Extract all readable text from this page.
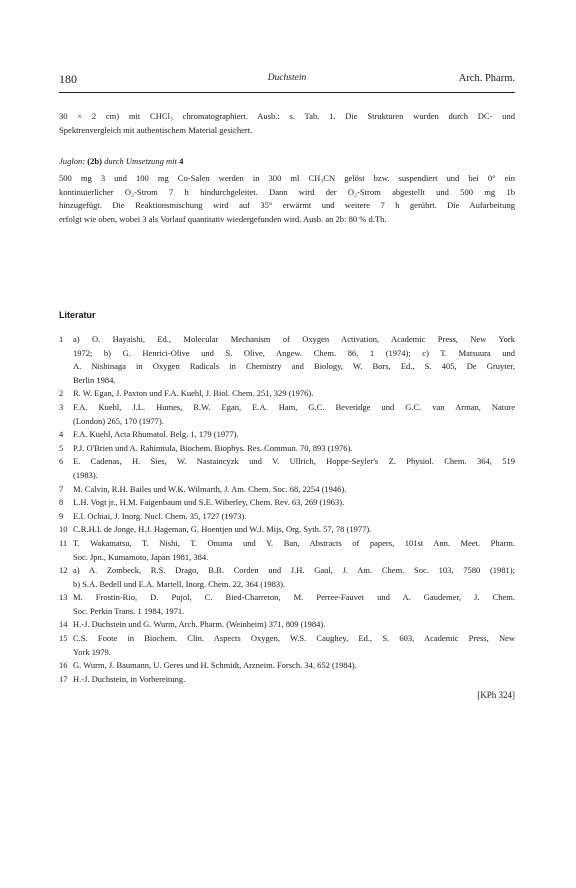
180	Duchstein	Arch. Pharm.

30 × 2 cm) mit CHCl₃ chromatographiert. Ausb.: s. Tab. 1. Die Strukturen wurden durch DC- und
Spektrenvergleich mit authentischem Material gesichert.

Juglon: (2b) durch Umsetzung mit 4

500 mg 3 und 100 mg Co-Salen werden in 300 ml CH₃CN gelöst bzw. suspendiert und bei 0° ein
kontinuierlicher O₂-Strom 7 h hindurchgeleitet. Dann wird der O₂-Strom abgestellt und 500 mg 1b
hinzugefügt. Die Reaktionsmischung wird auf 35° erwärmt und weitere 7 h gerührt. Die Aufarbeitung
erfolgt wie oben, wobei 3 als Vorlauf quantitativ wiedergefunden wird. Ausb. an 2b: 80 % d.Th.

Literatur
1 a) O. Hayaishi, Ed., Molecular Mechanism of Oxygen Activation, Academic Press, New York
1972; b) G. Henrici-Olive und S. Olive, Angew. Chem. 86, 1 (1974); c) T. Matsuura und
A. Nishinaga in Oxygen Radicals in Chemistry and Biology, W. Bors, Ed., S. 405, De Gruyter,
Berlin 1984.
2 R. W. Egan, J. Paxton und F.A. Kuehl, J. Biol. Chem. 251, 329 (1976).
3 F.A. Kuehl, J.L. Humes, R.W. Egan, E.A. Ham, G.C. Beveridge und G.C. van Arman, Nature
(London) 265, 170 (1977).
4 F.A. Kuehl, Acta Rhumatol. Belg. 1, 179 (1977).
5 P.J. O'Brien und A. Rahimtula, Biochem. Biophys. Res. Commun. 70, 893 (1976).
6 E. Cadenas, H. Sies, W. Nastaincyzk und V. Ullrich, Hoppe-Seyler's Z. Physiol. Chem. 364, 519
(1983).
7 M. Calvin, R.H. Bailes und W.K. Wilmarth, J. Am. Chem. Soc. 68, 2254 (1946).
8 L.H. Vogt jr., H.M. Faigenbaum und S.E. Wiberley, Chem. Rev. 63, 269 (1963).
9 E.I. Ochiai, J. Inorg. Nucl. Chem. 35, 1727 (1973).
10 C.R.H.I. de Jonge, H.J. Hageman, G. Hoentjen und W.J. Mijs, Org. Syth. 57, 78 (1977).
11 T. Wakamatsu, T. Nishi, T. Onuma und Y. Ban, Abstracts of papers, 101st Ann. Meet. Pharm.
Soc. Jpn., Kumamoto, Japan 1981, 384.
12 a) A. Zombeck, R.S. Drago, B.B. Corden und J.H. Gaul, J. Am. Chem. Soc. 103, 7580 (1981);
b) S.A. Bedell und E.A. Martell, Inorg. Chem. 22, 364 (1983).
13 M. Frostin-Rio, D. Pujol, C. Bied-Charreton, M. Perree-Fauvet und A. Gaudemer, J. Chem.
Soc. Perkin Trans. 1 1984, 1971.
14 H.-J. Duchstein und G. Wurm, Arch. Pharm. (Weinheim) 371, 809 (1984).
15 C.S. Foote in Biochem. Clin. Aspects Oxygen, W.S. Caughey, Ed., S. 603, Academic Press, New
York 1979.
16 G. Wurm, J. Baumann, U. Geres und H. Schmidt, Arzneim. Forsch. 34, 652 (1984).
17 H.-J. Duchstein, in Vorbereitung.
[KPh 324]
